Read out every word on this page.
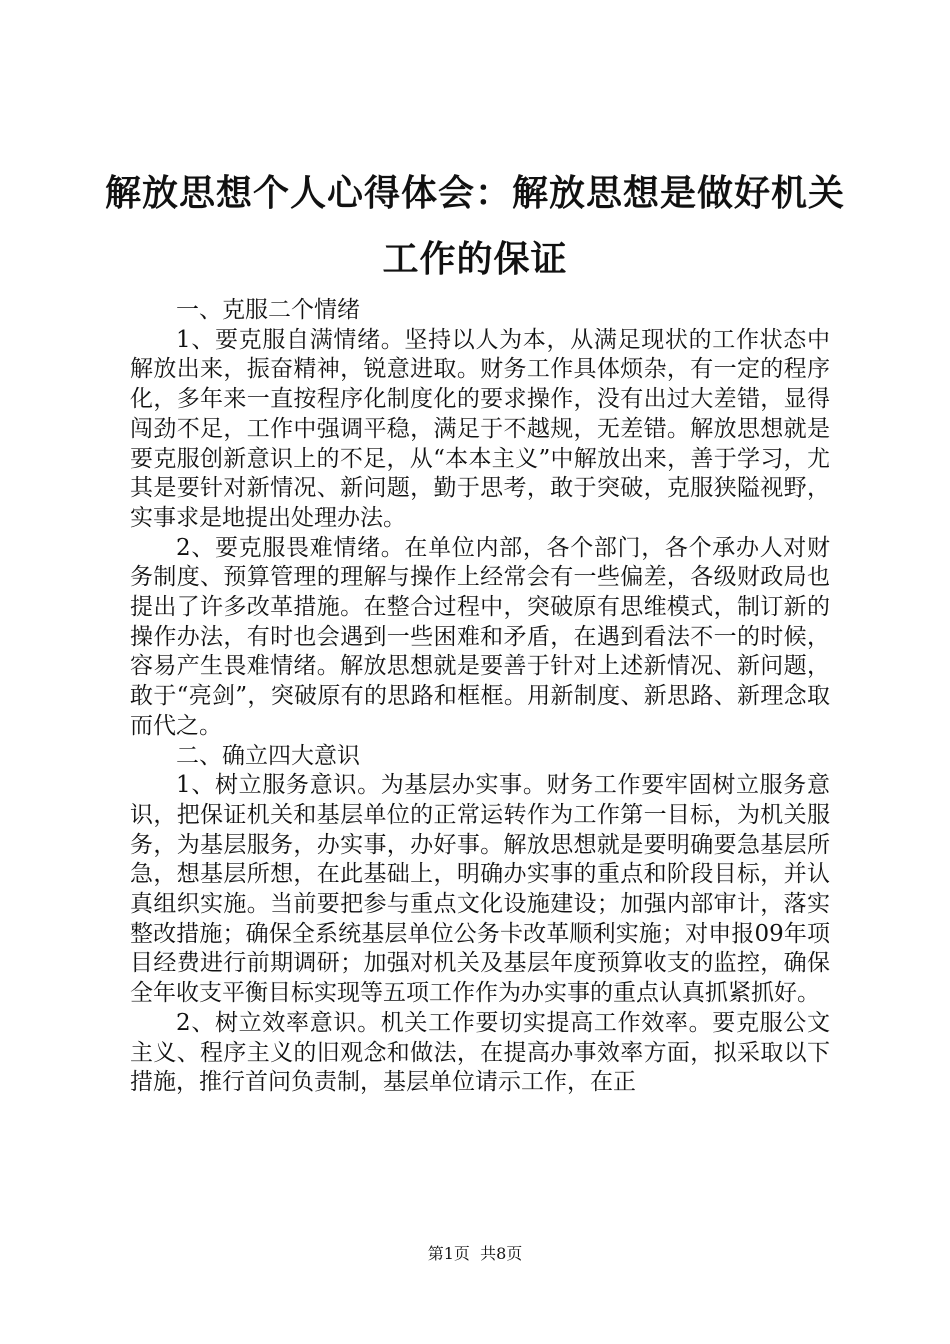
解放思想个人心得体会：解放思想是做好机关工作的保证

一、克服二个情绪

1、要克服自满情绪。坚持以人为本，从满足现状的工作状态中解放出来，振奋精神，锐意进取。财务工作具体烦杂，有一定的程序化，多年来一直按程序化制度化的要求操作，没有出过大差错，显得闯劲不足，工作中强调平稳，满足于不越规，无差错。解放思想就是要克服创新意识上的不足，从“本本主义”中解放出来，善于学习，尤其是要针对新情况、新问题，勤于思考，敢于突破，克服狭隘视野，实事求是地提出处理办法。

2、要克服畏难情绪。在单位内部，各个部门，各个承办人对财务制度、预算管理的理解与操作上经常会有一些偏差，各级财政局也提出了许多改革措施。在整合过程中，突破原有思维模式，制订新的操作办法，有时也会遇到一些困难和矛盾，在遇到看法不一的时候，容易产生畏难情绪。解放思想就是要善于针对上述新情况、新问题，敢于“亮剑”，突破原有的思路和框框。用新制度、新思路、新理念取而代之。

二、确立四大意识

1、树立服务意识。为基层办实事。财务工作要牢固树立服务意识，把保证机关和基层单位的正常运转作为工作第一目标，为机关服务，为基层服务，办实事，办好事。解放思想就是要明确要急基层所急，想基层所想，在此基础上，明确办实事的重点和阶段目标，并认真组织实施。当前要把参与重点文化设施建设；加强内部审计，落实整改措施；确保全系统基层单位公务卡改革顺利实施；对申报09年项目经费进行前期调研；加强对机关及基层年度预算收支的监控，确保全年收支平衡目标实现等五项工作作为办实事的重点认真抓紧抓好。

2、树立效率意识。机关工作要切实提高工作效率。要克服公文主义、程序主义的旧观念和做法，在提高办事效率方面，拟采取以下措施，推行首问负责制，基层单位请示工作，在正

第1页  共8页
